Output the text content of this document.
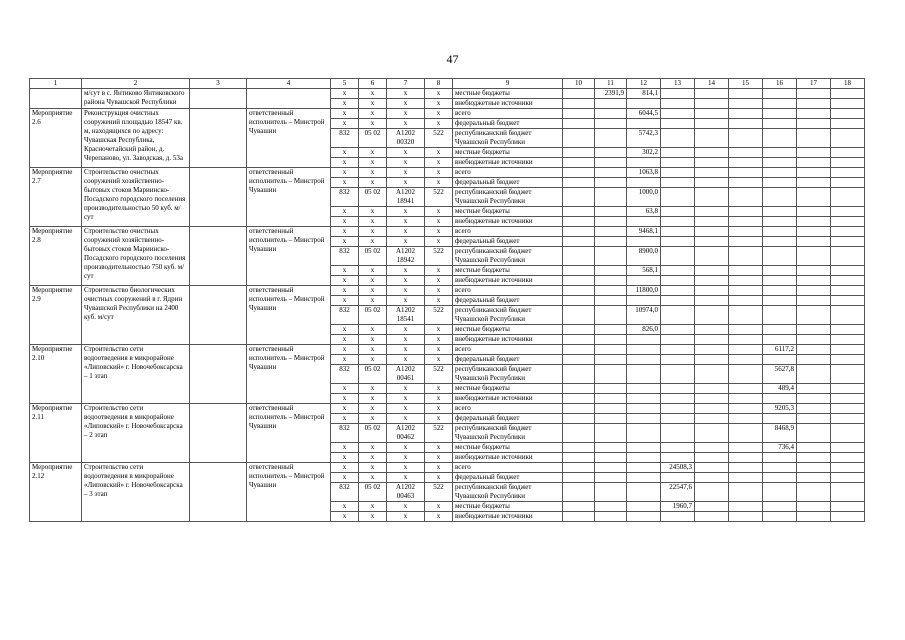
47
1	2	3	4	5	6	7	8	9	10	11	12	13	14	15	16	17	18
	м/сут в с. Янтиково Янтиковского района Чувашской Республики			х	х	х	х	местные бюджеты		2391,9	814,1						
				х	х	х	х	внебюджетные источники									
Мероприятие 2.6	Реконструкция очистных сооружений площадью 18547 кв. м, находящихся по адресу: Чувашская Республика, Красночетайский район, д. Черепаново, ул. Заводская, д. 53а		ответственный исполнитель – Минстрой Чувашии	х	х	х	х	всего			6044,5						
				х	х	х	х	федеральный бюджет									
				832	05 02	А1202 00320	522	республиканский бюджет Чувашской Республики			5742,3						
				х	х	х	х	местные бюджеты			302,2						
				х	х	х	х	внебюджетные источники									
Мероприятие 2.7	Строительство очистных сооружений хозяйственно-бытовых стоков Мариинско-Посадского городского поселения производительностью 50 куб. м/сут		ответственный исполнитель – Минстрой Чувашии	х	х	х	х	всего			1063,8						
				х	х	х	х	федеральный бюджет									
				832	05 02	А1202 18941	522	республиканский бюджет Чувашской Республики			1000,0						
				х	х	х	х	местные бюджеты			63,8						
				х	х	х	х	внебюджетные источники									
Мероприятие 2.8	Строительство очистных сооружений хозяйственно-бытовых стоков Мариинско-Посадского городского поселения производительностью 750 куб. м/сут		ответственный исполнитель – Минстрой Чувашии	х	х	х	х	всего			9468,1						
				х	х	х	х	федеральный бюджет									
				832	05 02	А1202 18942	522	республиканский бюджет Чувашской Республики			8900,0						
				х	х	х	х	местные бюджеты			568,1						
				х	х	х	х	внебюджетные источники									
Мероприятие 2.9	Строительство биологических очистных сооружений в г. Ядрин Чувашской Республики на 2400 куб. м/сут		ответственный исполнитель – Минстрой Чувашии	х	х	х	х	всего			11800,0						
				х	х	х	х	федеральный бюджет									
				832	05 02	А1202 18541	522	республиканский бюджет Чувашской Республики			10974,0						
				х	х	х	х	местные бюджеты			826,0						
				х	х	х	х	внебюджетные источники									
Мероприятие 2.10	Строительство сети водоотведения в микрорайоне «Липовский» г. Новочебоксарска – 1 этап		ответственный исполнитель – Минстрой Чувашии	х	х	х	х	всего							6117,2		
				х	х	х	х	федеральный бюджет									
				832	05 02	А1202 00461	522	республиканский бюджет Чувашской Республики							5627,8		
				х	х	х	х	местные бюджеты							489,4		
				х	х	х	х	внебюджетные источники									
Мероприятие 2.11	Строительство сети водоотведения в микрорайоне «Липовский» г. Новочебоксарска – 2 этап		ответственный исполнитель – Минстрой Чувашии	х	х	х	х	всего							9205,3		
				х	х	х	х	федеральный бюджет									
				832	05 02	А1202 00462	522	республиканский бюджет Чувашской Республики							8468,9		
				х	х	х	х	местные бюджеты							736,4		
				х	х	х	х	внебюджетные источники									
Мероприятие 2.12	Строительство сети водоотведения в микрорайоне «Липовский» г. Новочебоксарска – 3 этап		ответственный исполнитель – Минстрой Чувашии	х	х	х	х	всего				24508,3					
				х	х	х	х	федеральный бюджет									
				832	05 02	А1202 00463	522	республиканский бюджет Чувашской Республики				22547,6					
				х	х	х	х	местные бюджеты				1960,7					
				х	х	х	х	внебюджетные источники									
